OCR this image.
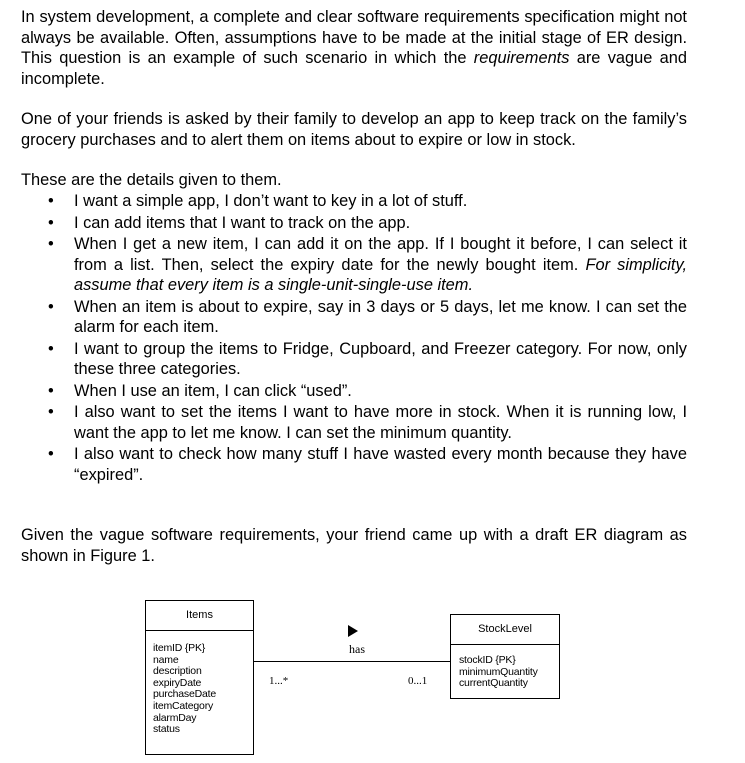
In system development, a complete and clear software requirements specification might not always be available. Often, assumptions have to be made at the initial stage of ER design. This question is an example of such scenario in which the requirements are vague and incomplete.

One of your friends is asked by their family to develop an app to keep track on the family’s grocery purchases and to alert them on items about to expire or low in stock.

These are the details given to them.

• I want a simple app, I don’t want to key in a lot of stuff.
• I can add items that I want to track on the app.
• When I get a new item, I can add it on the app. If I bought it before, I can select it from a list. Then, select the expiry date for the newly bought item. For simplicity, assume that every item is a single-unit-single-use item.
• When an item is about to expire, say in 3 days or 5 days, let me know. I can set the alarm for each item.
• I want to group the items to Fridge, Cupboard, and Freezer category. For now, only these three categories.
• When I use an item, I can click “used”.
• I also want to set the items I want to have more in stock. When it is running low, I want the app to let me know. I can set the minimum quantity.
• I also want to check how many stuff I have wasted every month because they have “expired”.

Given the vague software requirements, your friend came up with a draft ER diagram as shown in Figure 1.

Items
itemID {PK}
name
description
expiryDate
purchaseDate
itemCategory
alarmDay
status
StockLevel
stockID {PK}
minimumQuantity
currentQuantity
has
1...*	0...1
